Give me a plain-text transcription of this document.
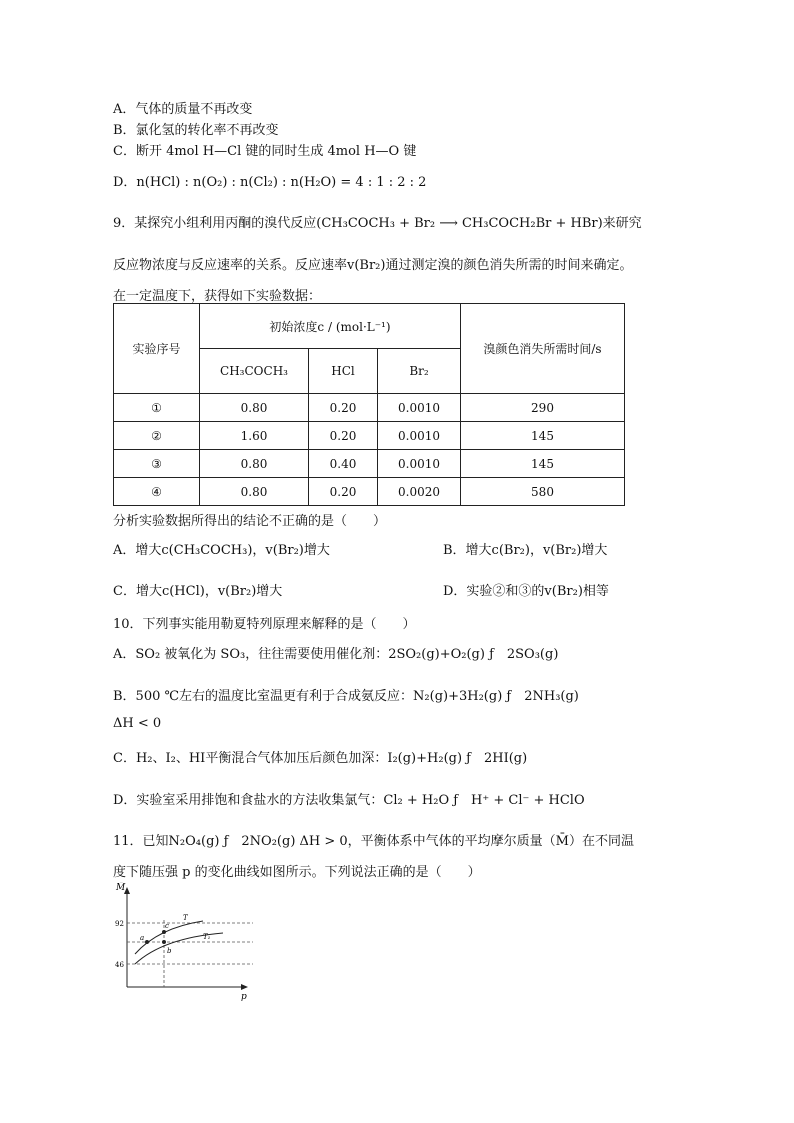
A．气体的质量不再改变
B．氯化氢的转化率不再改变
C．断开 4mol H—Cl 键的同时生成 4mol H—O 键
D．n(HCl) : n(O₂) : n(Cl₂) : n(H₂O) = 4 : 1 : 2 : 2
9．某探究小组利用丙酮的溴代反应(CH₃COCH₃ + Br₂ ⟶ CH₃COCH₂Br + HBr)来研究
反应物浓度与反应速率的关系。反应速率v(Br₂)通过测定溴的颜色消失所需的时间来确定。
在一定温度下，获得如下实验数据：
实验序号	初始浓度c / (mol·L⁻¹)			溴颜色消失所需时间/s
	CH₃COCH₃	HCl	Br₂	
①	0.80	0.20	0.0010	290
②	1.60	0.20	0.0010	145
③	0.80	0.40	0.0010	145
④	0.80	0.20	0.0020	580
分析实验数据所得出的结论不正确的是（　　）
A．增大c(CH₃COCH₃)，v(Br₂)增大	B．增大c(Br₂)，v(Br₂)增大
C．增大c(HCl)，v(Br₂)增大	D．实验②和③的v(Br₂)相等
10．下列事实能用勒夏特列原理来解释的是（　　）
A．SO₂ 被氧化为 SO₃，往往需要使用催化剂：2SO₂(g)+O₂(g) ƒ　2SO₃(g)
B．500 ℃左右的温度比室温更有利于合成氨反应：N₂(g)+3H₂(g) ƒ　2NH₃(g)
ΔH < 0
C．H₂、I₂、HI平衡混合气体加压后颜色加深：I₂(g)+H₂(g) ƒ　2HI(g)
D．实验室采用排饱和食盐水的方法收集氯气：Cl₂ + H₂O ƒ　H⁺ + Cl⁻ + HClO
11．已知N₂O₄(g) ƒ　2NO₂(g) ΔH > 0，平衡体系中气体的平均摩尔质量（M̄）在不同温
度下随压强 p 的变化曲线如图所示。下列说法正确的是（　　）
M̄
p
92
46
T
T₁
a
b
c
